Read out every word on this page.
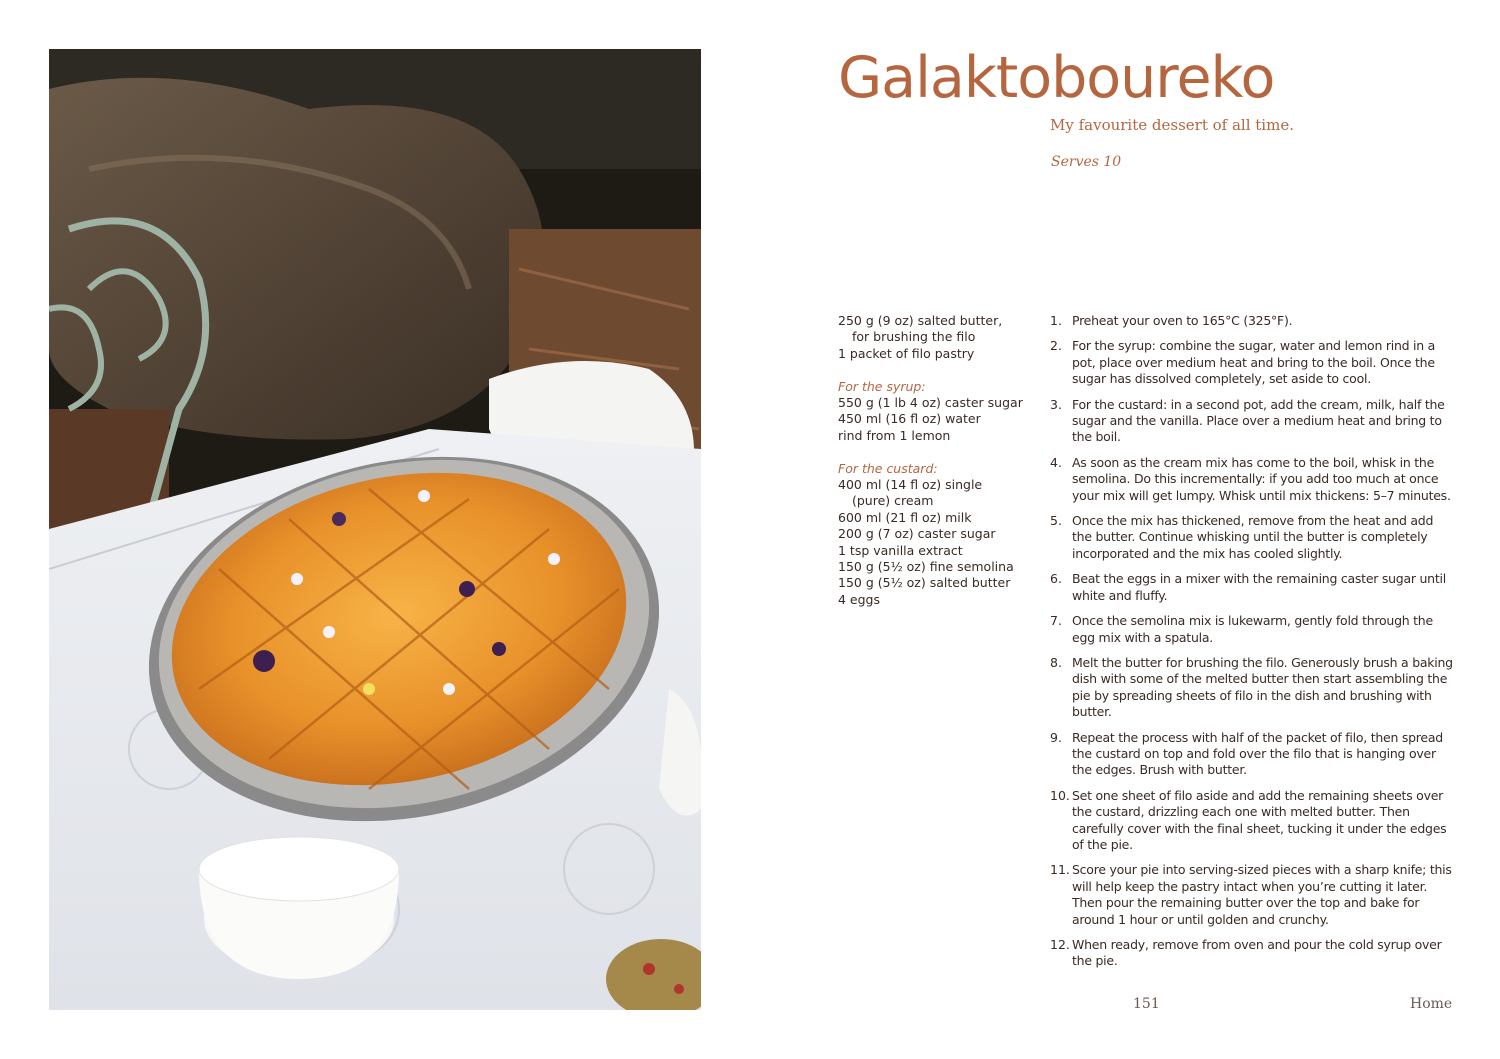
Galaktoboureko
My favourite dessert of all time.
Serves 10
250 g (9 oz) salted butter,
for brushing the filo
1 packet of filo pastry
For the syrup:
550 g (1 lb 4 oz) caster sugar
450 ml (16 fl oz) water
rind from 1 lemon
For the custard:
400 ml (14 fl oz) single
(pure) cream
600 ml (21 fl oz) milk
200 g (7 oz) caster sugar
1 tsp vanilla extract
150 g (5½ oz) fine semolina
150 g (5½ oz) salted butter
4 eggs
1. Preheat your oven to 165°C (325°F).
2. For the syrup: combine the sugar, water and lemon rind in a pot, place over medium heat and bring to the boil. Once the sugar has dissolved completely, set aside to cool.
3. For the custard: in a second pot, add the cream, milk, half the sugar and the vanilla. Place over a medium heat and bring to the boil.
4. As soon as the cream mix has come to the boil, whisk in the semolina. Do this incrementally: if you add too much at once your mix will get lumpy. Whisk until mix thickens: 5–7 minutes.
5. Once the mix has thickened, remove from the heat and add the butter. Continue whisking until the butter is completely incorporated and the mix has cooled slightly.
6. Beat the eggs in a mixer with the remaining caster sugar until white and fluffy.
7. Once the semolina mix is lukewarm, gently fold through the egg mix with a spatula.
8. Melt the butter for brushing the filo. Generously brush a baking dish with some of the melted butter then start assembling the pie by spreading sheets of filo in the dish and brushing with butter.
9. Repeat the process with half of the packet of filo, then spread the custard on top and fold over the filo that is hanging over the edges. Brush with butter.
10. Set one sheet of filo aside and add the remaining sheets over the custard, drizzling each one with melted butter. Then carefully cover with the final sheet, tucking it under the edges of the pie.
11. Score your pie into serving-sized pieces with a sharp knife; this will help keep the pastry intact when you’re cutting it later. Then pour the remaining butter over the top and bake for around 1 hour or until golden and crunchy.
12. When ready, remove from oven and pour the cold syrup over the pie.
151	Home
